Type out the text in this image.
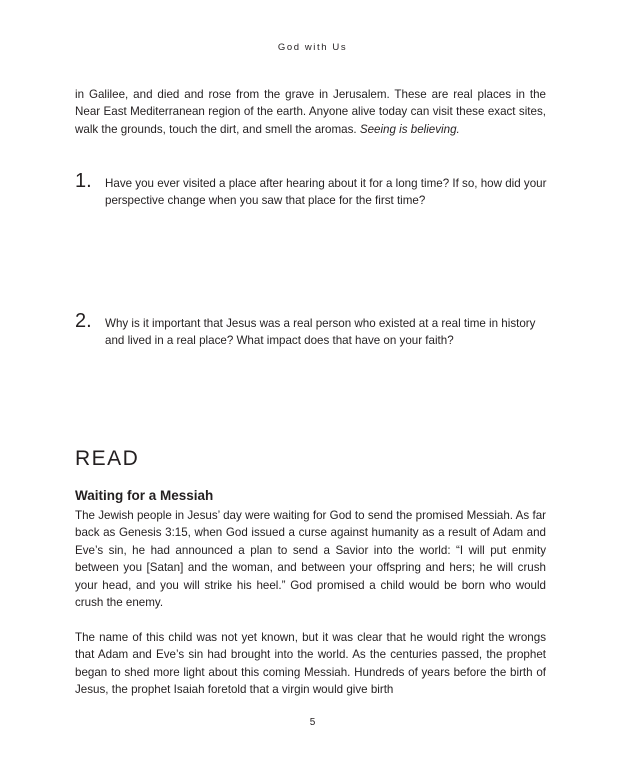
God with Us

in Galilee, and died and rose from the grave in Jerusalem. These are real places in the Near East Mediterranean region of the earth. Anyone alive today can visit these exact sites, walk the grounds, touch the dirt, and smell the aromas. Seeing is believing.

1. Have you ever visited a place after hearing about it for a long time? If so, how did your perspective change when you saw that place for the first time?

2. Why is it important that Jesus was a real person who existed at a real time in history and lived in a real place? What impact does that have on your faith?

READ
Waiting for a Messiah

The Jewish people in Jesus’ day were waiting for God to send the promised Messiah. As far back as Genesis 3:15, when God issued a curse against humanity as a result of Adam and Eve’s sin, he had announced a plan to send a Savior into the world: “I will put enmity between you [Satan] and the woman, and between your offspring and hers; he will crush your head, and you will strike his heel.” God promised a child would be born who would crush the enemy.

The name of this child was not yet known, but it was clear that he would right the wrongs that Adam and Eve’s sin had brought into the world. As the centuries passed, the prophet began to shed more light about this coming Messiah. Hundreds of years before the birth of Jesus, the prophet Isaiah foretold that a virgin would give birth

5
